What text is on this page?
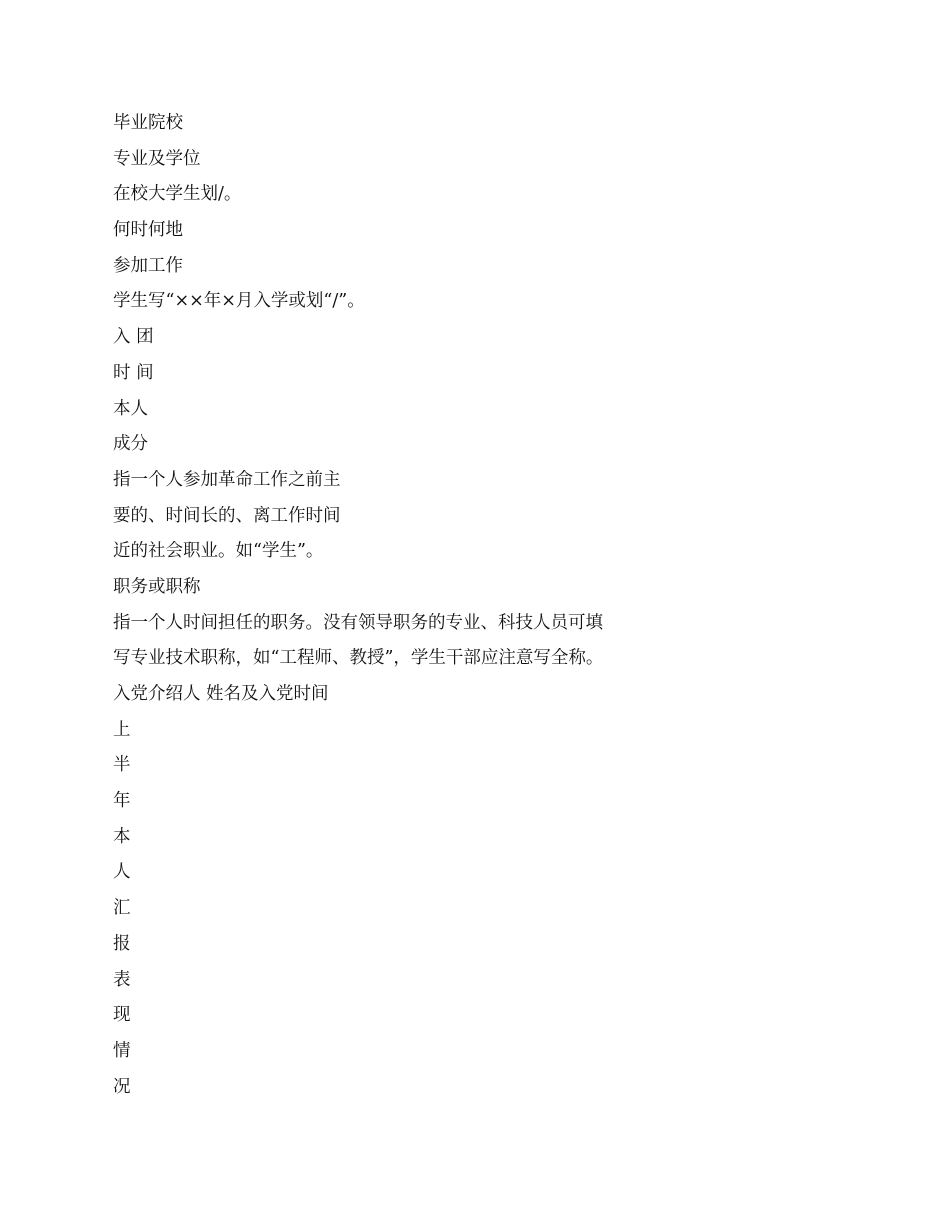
毕业院校
专业及学位
在校大学生划/。
何时何地
参加工作
学生写“××年×月入学或划“/”。
入 团
时 间
本人
成分
指一个人参加革命工作之前主
要的、时间长的、离工作时间
近的社会职业。如“学生”。
职务或职称
指一个人时间担任的职务。没有领导职务的专业、科技人员可填
写专业技术职称，如“工程师、教授”，学生干部应注意写全称。
入党介绍人 姓名及入党时间
上
半
年
本
人
汇
报
表
现
情
况
